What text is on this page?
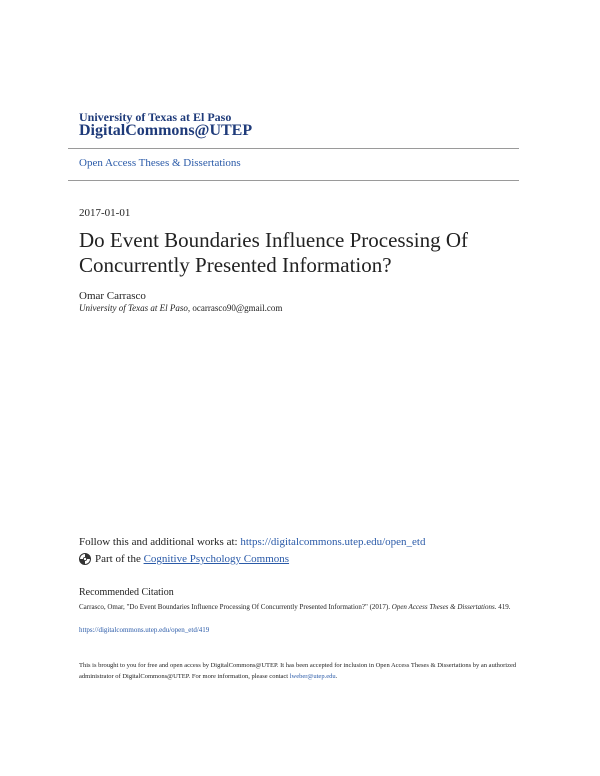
University of Texas at El Paso
DigitalCommons@UTEP
Open Access Theses & Dissertations
2017-01-01
Do Event Boundaries Influence Processing Of Concurrently Presented Information?
Omar Carrasco
University of Texas at El Paso, ocarrasco90@gmail.com
Follow this and additional works at: https://digitalcommons.utep.edu/open_etd
Part of the
Cognitive Psychology Commons
Recommended Citation
Carrasco, Omar, "Do Event Boundaries Influence Processing Of Concurrently Presented Information?" (2017). Open Access Theses & Dissertations. 419.
https://digitalcommons.utep.edu/open_etd/419
This is brought to you for free and open access by DigitalCommons@UTEP. It has been accepted for inclusion in Open Access Theses & Dissertations by an authorized administrator of DigitalCommons@UTEP. For more information, please contact lweber@utep.edu.
